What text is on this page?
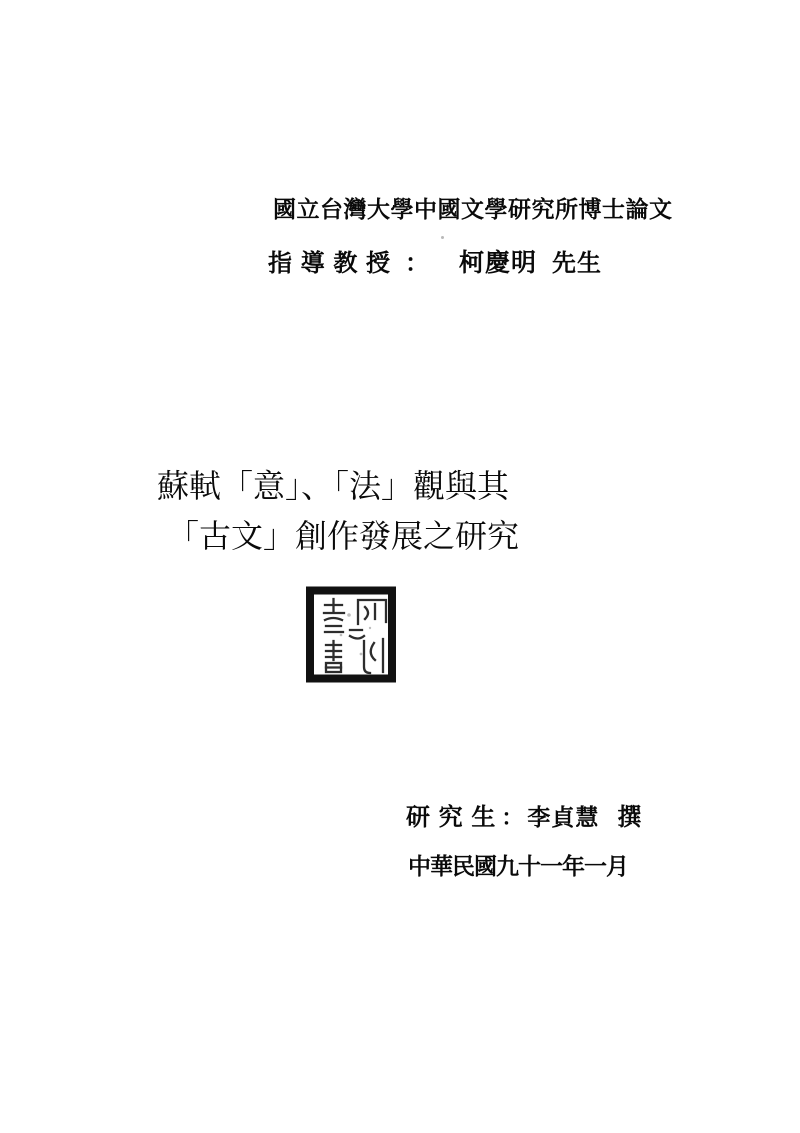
國立台灣大學中國文學研究所博士論文
指 導 教 授 ： 柯慶明 先生
蘇軾「意」、「法」觀與其
「古文」創作發展之研究
研 究 生 ： 李貞慧 撰
中華民國九十一年一月
